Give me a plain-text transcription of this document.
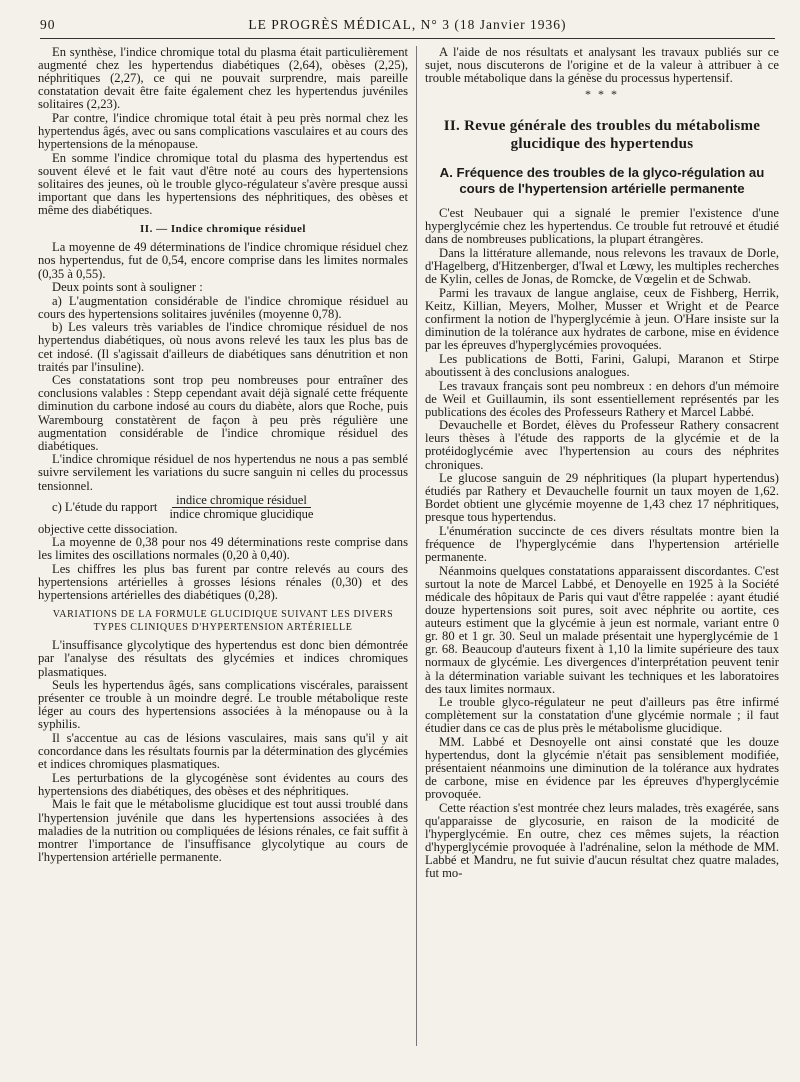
90	LE PROGRÈS MÉDICAL, N° 3 (18 Janvier 1936)

En synthèse, l'indice chromique total du plasma était particulièrement augmenté chez les hypertendus diabétiques (2,64), obèses (2,25), néphritiques (2,27), ce qui ne pouvait surprendre, mais pareille constatation devait être faite également chez les hypertendus juvéniles solitaires (2,23).

Par contre, l'indice chromique total était à peu près normal chez les hypertendus âgés, avec ou sans complications vasculaires et au cours des hypertensions de la ménopause.

En somme l'indice chromique total du plasma des hypertendus est souvent élevé et le fait vaut d'être noté au cours des hypertensions solitaires des jeunes, où le trouble glyco-régulateur s'avère presque aussi important que dans les hypertensions des néphritiques, des obèses et même des diabétiques.

II. — Indice chromique résiduel

La moyenne de 49 déterminations de l'indice chromique résiduel chez nos hypertendus, fut de 0,54, encore comprise dans les limites normales (0,35 à 0,55).

Deux points sont à souligner :

a) L'augmentation considérable de l'indice chromique résiduel au cours des hypertensions solitaires juvéniles (moyenne 0,78).

b) Les valeurs très variables de l'indice chromique résiduel de nos hypertendus diabétiques, où nous avons relevé les taux les plus bas de cet indosé. (Il s'agissait d'ailleurs de diabétiques sans dénutrition et non traités par l'insuline).

Ces constatations sont trop peu nombreuses pour entraîner des conclusions valables : Stepp cependant avait déjà signalé cette fréquente diminution du carbone indosé au cours du diabète, alors que Roche, puis Warembourg constatèrent de façon à peu près régulière une augmentation considérable de l'indice chromique résiduel des diabétiques.

L'indice chromique résiduel de nos hypertendus ne nous a pas semblé suivre servilement les variations du sucre sanguin ni celles du processus tensionnel.

c) L'étude du rapport $\frac{\text{indice chromique résiduel}}{\text{indice chromique glucidique}}$

objective cette dissociation.

La moyenne de 0,38 pour nos 49 déterminations reste comprise dans les limites des oscillations normales (0,20 à 0,40).

Les chiffres les plus bas furent par contre relevés au cours des hypertensions artérielles à grosses lésions rénales (0,30) et des hypertensions artérielles des diabétiques (0,28).

VARIATIONS DE LA FORMULE GLUCIDIQUE SUIVANT LES DIVERS TYPES CLINIQUES D'HYPERTENSION ARTÉRIELLE

L'insuffisance glycolytique des hypertendus est donc bien démontrée par l'analyse des résultats des glycémies et indices chromiques plasmatiques.

Seuls les hypertendus âgés, sans complications viscérales, paraissent présenter ce trouble à un moindre degré. Le trouble métabolique reste léger au cours des hypertensions associées à la ménopause ou à la syphilis.

Il s'accentue au cas de lésions vasculaires, mais sans qu'il y ait concordance dans les résultats fournis par la détermination des glycémies et indices chromiques plasmatiques.

Les perturbations de la glycogénèse sont évidentes au cours des hypertensions des diabétiques, des obèses et des néphritiques.

Mais le fait que le métabolisme glucidique est tout aussi troublé dans l'hypertension juvénile que dans les hypertensions associées à des maladies de la nutrition ou compliquées de lésions rénales, ce fait suffit à montrer l'importance de l'insuffisance glycolytique au cours de l'hypertension artérielle permanente.

A l'aide de nos résultats et analysant les travaux publiés sur ce sujet, nous discuterons de l'origine et de la valeur à attribuer à ce trouble métabolique dans la génèse du processus hypertensif.

* * *
II. Revue générale des troubles du métabolisme glucidique des hypertendus
A. Fréquence des troubles de la glyco-régulation au cours de l'hypertension artérielle permanente

C'est Neubauer qui a signalé le premier l'existence d'une hyperglycémie chez les hypertendus. Ce trouble fut retrouvé et étudié dans de nombreuses publications, la plupart étrangères.

Dans la littérature allemande, nous relevons les travaux de Dorle, d'Hagelberg, d'Hitzenberger, d'Iwal et Lœwy, les multiples recherches de Kylin, celles de Jonas, de Romcke, de Vœgelin et de Schwab.

Parmi les travaux de langue anglaise, ceux de Fishberg, Herrik, Keitz, Killian, Meyers, Molher, Musser et Wright et de Pearce confirment la notion de l'hyperglycémie à jeun. O'Hare insiste sur la diminution de la tolérance aux hydrates de carbone, mise en évidence par les épreuves d'hyperglycémies provoquées.

Les publications de Botti, Farini, Galupi, Maranon et Stirpe aboutissent à des conclusions analogues.

Les travaux français sont peu nombreux : en dehors d'un mémoire de Weil et Guillaumin, ils sont essentiellement représentés par les publications des écoles des Professeurs Rathery et Marcel Labbé.

Devauchelle et Bordet, élèves du Professeur Rathery consacrent leurs thèses à l'étude des rapports de la glycémie et de la protéidoglycémie avec l'hypertension au cours des néphrites chroniques.

Le glucose sanguin de 29 néphritiques (la plupart hypertendus) étudiés par Rathery et Devauchelle fournit un taux moyen de 1,62. Bordet obtient une glycémie moyenne de 1,43 chez 17 néphritiques, presque tous hypertendus.

L'énumération succincte de ces divers résultats montre bien la fréquence de l'hyperglycémie dans l'hypertension artérielle permanente.

Néanmoins quelques constatations apparaissent discordantes. C'est surtout la note de Marcel Labbé, et Denoyelle en 1925 à la Société médicale des hôpitaux de Paris qui vaut d'être rappelée : ayant étudié douze hypertensions soit pures, soit avec néphrite ou aortite, ces auteurs estiment que la glycémie à jeun est normale, variant entre 0 gr. 80 et 1 gr. 30. Seul un malade présentait une hyperglycémie de 1 gr. 68. Beaucoup d'auteurs fixent à 1,10 la limite supérieure des taux normaux de glycémie. Les divergences d'interprétation peuvent tenir à la détermination variable suivant les techniques et les laboratoires des taux limites normaux.

Le trouble glyco-régulateur ne peut d'ailleurs pas être infirmé complètement sur la constatation d'une glycémie normale ; il faut étudier dans ce cas de plus près le métabolisme glucidique.

MM. Labbé et Desnoyelle ont ainsi constaté que les douze hypertendus, dont la glycémie n'était pas sensiblement modifiée, présentaient néanmoins une diminution de la tolérance aux hydrates de carbone, mise en évidence par les épreuves d'hyperglycémie provoquée.

Cette réaction s'est montrée chez leurs malades, très exagérée, sans qu'apparaisse de glycosurie, en raison de la modicité de l'hyperglycémie. En outre, chez ces mêmes sujets, la réaction d'hyperglycémie provoquée à l'adrénaline, selon la méthode de MM. Labbé et Mandru, ne fut suivie d'aucun résultat chez quatre malades, fut mo-
